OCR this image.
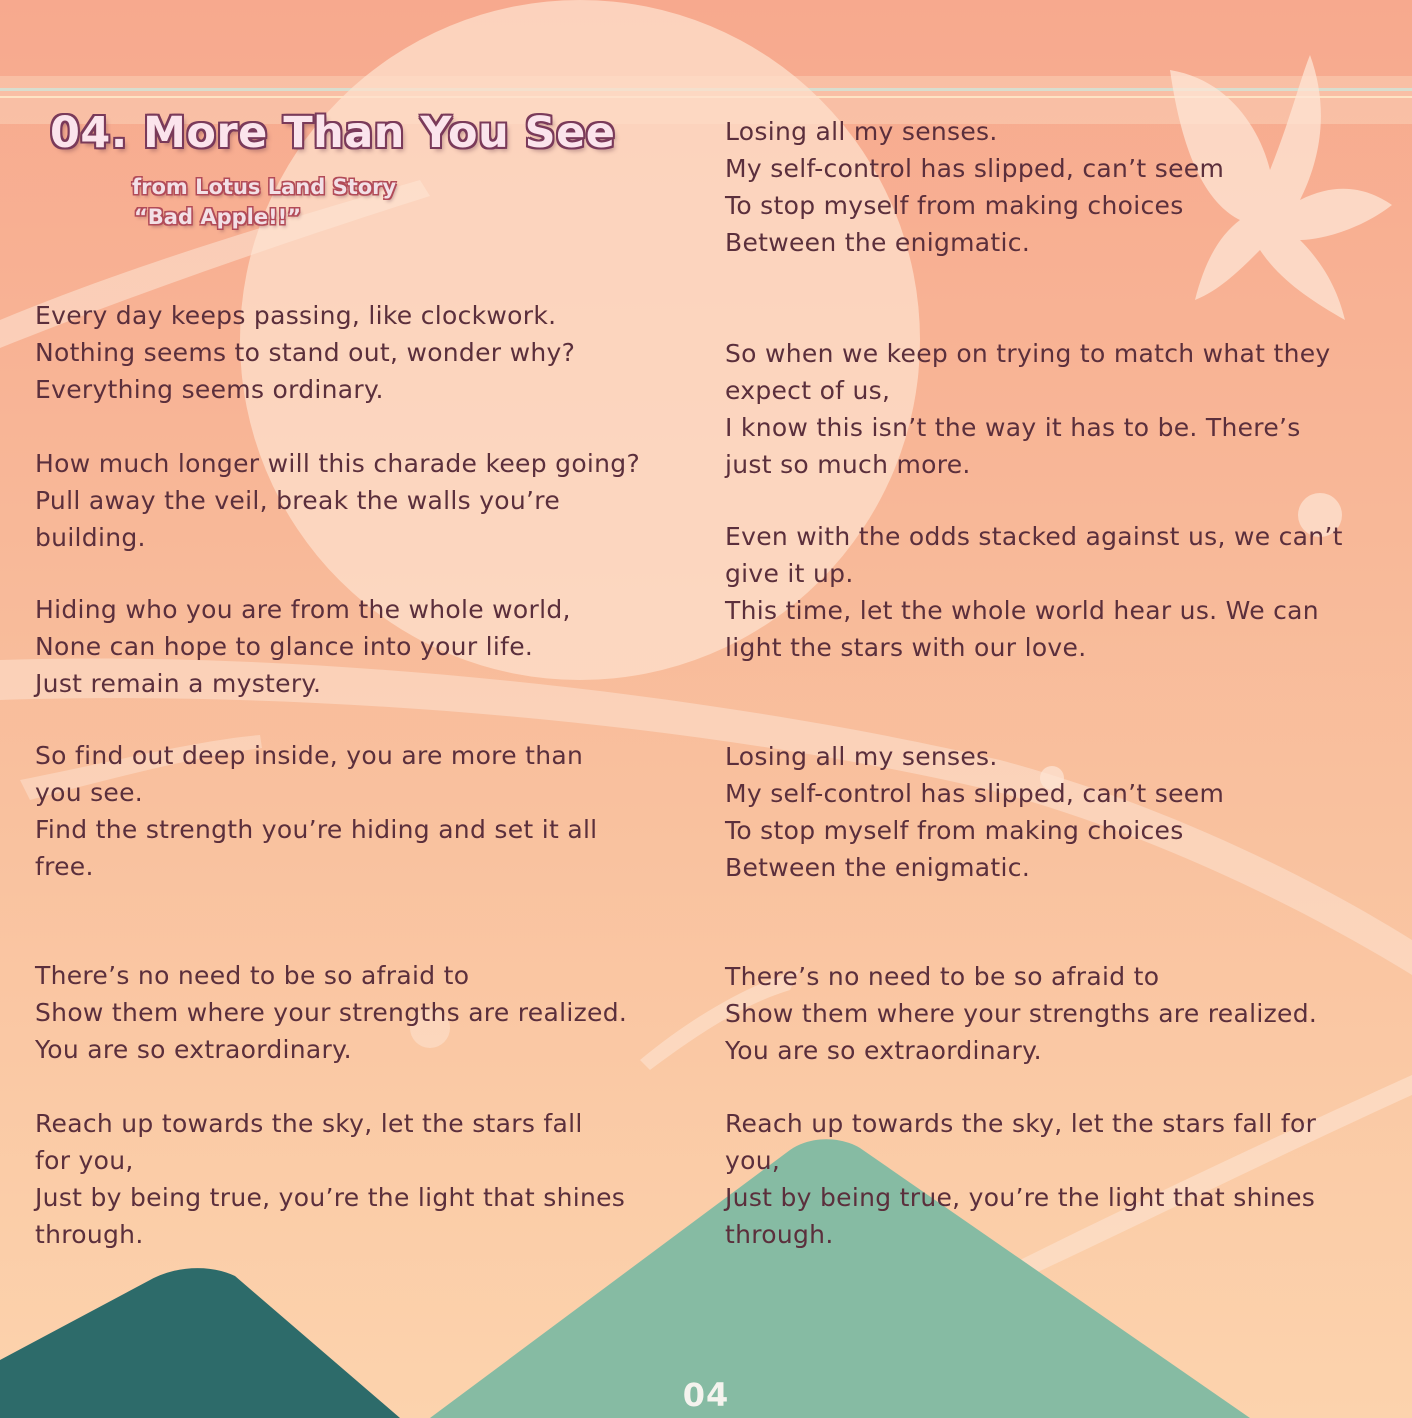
04. More Than You See
from Lotus Land Story
“Bad Apple!!”
Every day keeps passing, like clockwork.
Nothing seems to stand out, wonder why?
Everything seems ordinary.
How much longer will this charade keep going?
Pull away the veil, break the walls you’re
building.
Hiding who you are from the whole world,
None can hope to glance into your life.
Just remain a mystery.
So find out deep inside, you are more than
you see.
Find the strength you’re hiding and set it all
free.
There’s no need to be so afraid to
Show them where your strengths are realized.
You are so extraordinary.
Reach up towards the sky, let the stars fall
for you,
Just by being true, you’re the light that shines
through.
Losing all my senses.
My self-control has slipped, can’t seem
To stop myself from making choices
Between the enigmatic.
So when we keep on trying to match what they
expect of us,
I know this isn’t the way it has to be. There’s
just so much more.
Even with the odds stacked against us, we can’t
give it up.
This time, let the whole world hear us. We can
light the stars with our love.
Losing all my senses.
My self-control has slipped, can’t seem
To stop myself from making choices
Between the enigmatic.
There’s no need to be so afraid to
Show them where your strengths are realized.
You are so extraordinary.
Reach up towards the sky, let the stars fall for
you,
Just by being true, you’re the light that shines
through.
04
